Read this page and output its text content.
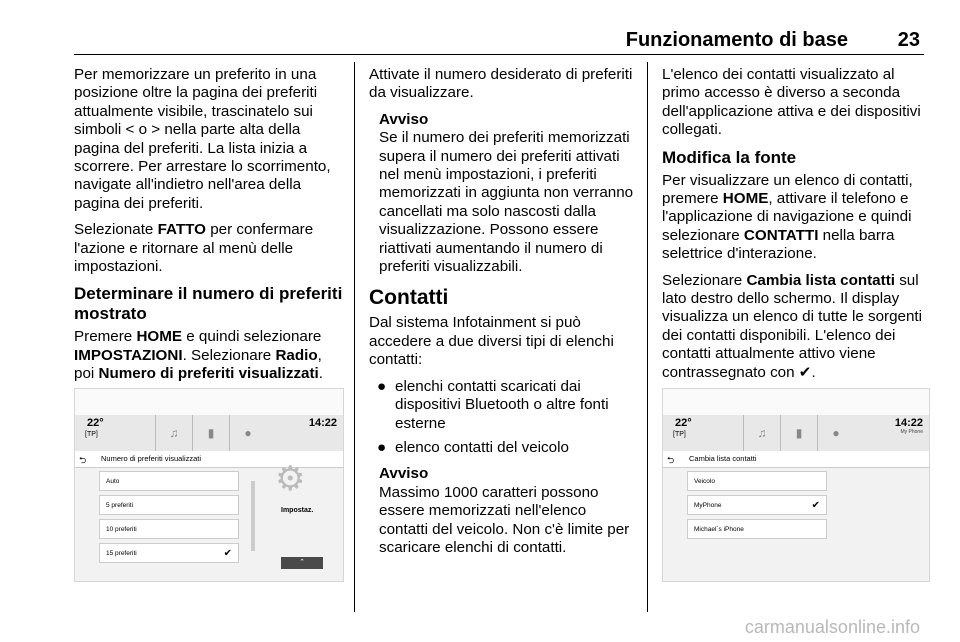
Funzionamento di base 23

Per memorizzare un preferito in una posizione oltre la pagina dei preferiti attualmente visibile, trascinatelo sui simboli < o > nella parte alta della pagina del preferiti. La lista inizia a scorrere. Per arrestare lo scorrimento, navigate all'indietro nell'area della pagina dei preferiti.

Selezionate FATTO per confermare l'azione e ritornare al menù delle impostazioni.

Determinare il numero di preferiti mostrato

Premere HOME e quindi selezionare IMPOSTAZIONI. Selezionare Radio, poi Numero di preferiti visualizzati.

Attivate il numero desiderato di preferiti da visualizzare.

Avviso

Se il numero dei preferiti memorizzati supera il numero dei preferiti attivati nel menù impostazioni, i preferiti memorizzati in aggiunta non verranno cancellati ma solo nascosti dalla visualizzazione. Possono essere riattivati aumentando il numero di preferiti visualizzabili.

Contatti

Dal sistema Infotainment si può accedere a due diversi tipi di elenchi contatti:

● elenchi contatti scaricati dai dispositivi Bluetooth o altre fonti esterne
● elenco contatti del veicolo

Avviso

Massimo 1000 caratteri possono essere memorizzati nell'elenco contatti del veicolo. Non c'è limite per scaricare elenchi di contatti.

L'elenco dei contatti visualizzato al primo accesso è diverso a seconda dell'applicazione attiva e dei dispositivi collegati.

Modifica la fonte

Per visualizzare un elenco di contatti, premere HOME, attivare il telefono e l'applicazione di navigazione e quindi selezionare CONTATTI nella barra selettrice d'interazione.

Selezionare Cambia lista contatti sul lato destro dello schermo. Il display visualizza un elenco di tutte le sorgenti dei contatti disponibili. L'elenco dei contatti attualmente attivo viene contrassegnato con ✔.

22°
[TP]	♫	▮	●
14:22
⮌ Numero di preferiti visualizzati
Auto
5 preferiti
10 preferiti
15 preferiti	✔
⚙
Impostaz.
⌃
22°
[TP]	♫	▮	●
14:22
My Phone
⮌ Cambia lista contatti
Veicolo
MyPhone	✔
Michael´s iPhone
carmanualsonline.info
